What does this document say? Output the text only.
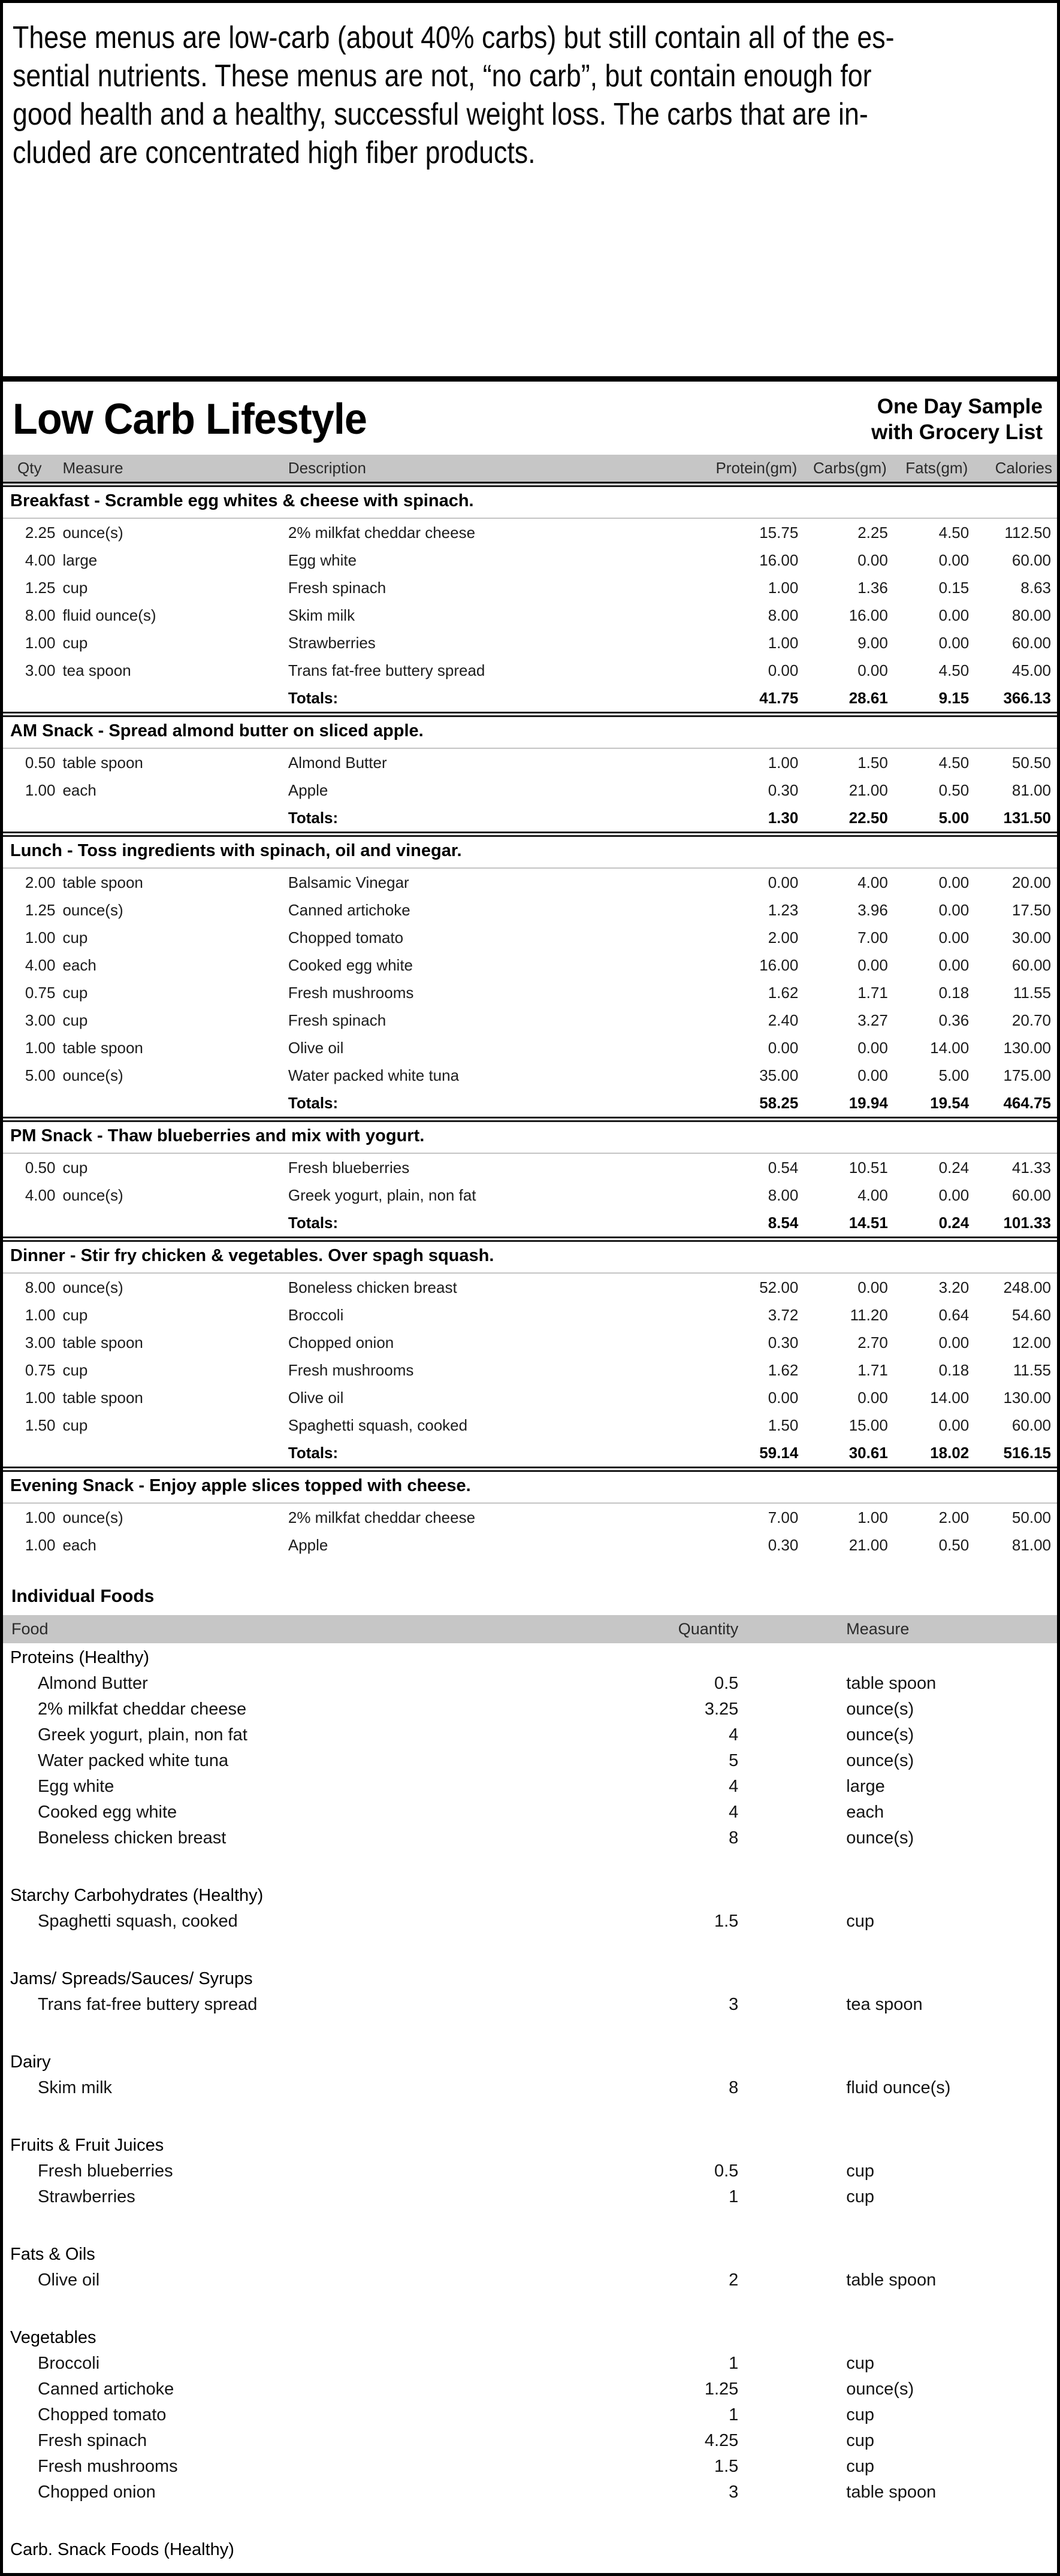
These menus are low-carb (about 40% carbs) but still contain all of the es-
sential nutrients. These menus are not, “no carb”, but contain enough for
good health and a healthy, successful weight loss. The carbs that are in-
cluded are concentrated high fiber products.
Low Carb Lifestyle	One Day Sample
with Grocery List
Qty	Measure	Description	Protein(gm)	Carbs(gm)	Fats(gm)	Calories
Breakfast - Scramble egg whites & cheese with spinach.						
2.25	ounce(s)	2% milkfat cheddar cheese	15.75	2.25	4.50	112.50
4.00	large	Egg white	16.00	0.00	0.00	60.00
1.25	cup	Fresh spinach	1.00	1.36	0.15	8.63
8.00	fluid ounce(s)	Skim milk	8.00	16.00	0.00	80.00
1.00	cup	Strawberries	1.00	9.00	0.00	60.00
3.00	tea spoon	Trans fat-free buttery spread	0.00	0.00	4.50	45.00
		Totals:	41.75	28.61	9.15	366.13
AM Snack - Spread almond butter on sliced apple.						
0.50	table spoon	Almond Butter	1.00	1.50	4.50	50.50
1.00	each	Apple	0.30	21.00	0.50	81.00
		Totals:	1.30	22.50	5.00	131.50
Lunch - Toss ingredients with spinach, oil and vinegar.						
2.00	table spoon	Balsamic Vinegar	0.00	4.00	0.00	20.00
1.25	ounce(s)	Canned artichoke	1.23	3.96	0.00	17.50
1.00	cup	Chopped tomato	2.00	7.00	0.00	30.00
4.00	each	Cooked egg white	16.00	0.00	0.00	60.00
0.75	cup	Fresh mushrooms	1.62	1.71	0.18	11.55
3.00	cup	Fresh spinach	2.40	3.27	0.36	20.70
1.00	table spoon	Olive oil	0.00	0.00	14.00	130.00
5.00	ounce(s)	Water packed white tuna	35.00	0.00	5.00	175.00
		Totals:	58.25	19.94	19.54	464.75
PM Snack - Thaw blueberries and mix with yogurt.						
0.50	cup	Fresh blueberries	0.54	10.51	0.24	41.33
4.00	ounce(s)	Greek yogurt, plain, non fat	8.00	4.00	0.00	60.00
		Totals:	8.54	14.51	0.24	101.33
Dinner - Stir fry chicken & vegetables. Over spagh squash.						
8.00	ounce(s)	Boneless chicken breast	52.00	0.00	3.20	248.00
1.00	cup	Broccoli	3.72	11.20	0.64	54.60
3.00	table spoon	Chopped onion	0.30	2.70	0.00	12.00
0.75	cup	Fresh mushrooms	1.62	1.71	0.18	11.55
1.00	table spoon	Olive oil	0.00	0.00	14.00	130.00
1.50	cup	Spaghetti squash, cooked	1.50	15.00	0.00	60.00
		Totals:	59.14	30.61	18.02	516.15
Evening Snack - Enjoy apple slices topped with cheese.						
1.00	ounce(s)	2% milkfat cheddar cheese	7.00	1.00	2.00	50.00
1.00	each	Apple	0.30	21.00	0.50	81.00
Individual Foods
Food	Quantity	Measure
Proteins (Healthy)		
Almond Butter	0.5	table spoon
2% milkfat cheddar cheese	3.25	ounce(s)
Greek yogurt, plain, non fat	4	ounce(s)
Water packed white tuna	5	ounce(s)
Egg white	4	large
Cooked egg white	4	each
Boneless chicken breast	8	ounce(s)

Starchy Carbohydrates (Healthy)		
Spaghetti squash, cooked	1.5	cup

Jams/ Spreads/Sauces/ Syrups		
Trans fat-free buttery spread	3	tea spoon

Dairy		
Skim milk	8	fluid ounce(s)

Fruits & Fruit Juices		
Fresh blueberries	0.5	cup
Strawberries	1	cup

Fats & Oils		
Olive oil	2	table spoon

Vegetables		
Broccoli	1	cup
Canned artichoke	1.25	ounce(s)
Chopped tomato	1	cup
Fresh spinach	4.25	cup
Fresh mushrooms	1.5	cup
Chopped onion	3	table spoon

Carb. Snack Foods (Healthy)		
